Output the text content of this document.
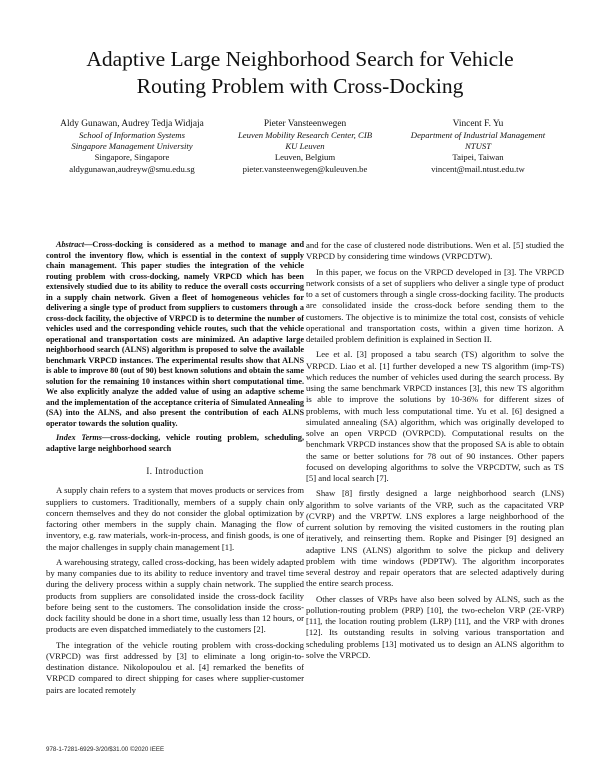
Adaptive Large Neighborhood Search for Vehicle
Routing Problem with Cross-Docking
Aldy Gunawan, Audrey Tedja Widjaja
School of Information Systems
Singapore Management University
Singapore, Singapore
aldygunawan,audreyw@smu.edu.sg
Pieter Vansteenwegen
Leuven Mobility Research Center, CIB
KU Leuven
Leuven, Belgium
pieter.vansteenwegen@kuleuven.be
Vincent F. Yu
Department of Industrial Management
NTUST
Taipei, Taiwan
vincent@mail.ntust.edu.tw

Abstract—Cross-docking is considered as a method to manage and control the inventory flow, which is essential in the context of supply chain management. This paper studies the integration of the vehicle routing problem with cross-docking, namely VRPCD which has been extensively studied due to its ability to reduce the overall costs occurring in a supply chain network. Given a fleet of homogeneous vehicles for delivering a single type of product from suppliers to customers through a cross-dock facility, the objective of VRPCD is to determine the number of vehicles used and the corresponding vehicle routes, such that the vehicle operational and transportation costs are minimized. An adaptive large neighborhood search (ALNS) algorithm is proposed to solve the available benchmark VRPCD instances. The experimental results show that ALNS is able to improve 80 (out of 90) best known solutions and obtain the same solution for the remaining 10 instances within short computational time. We also explicitly analyze the added value of using an adaptive scheme and the implementation of the acceptance criteria of Simulated Annealing (SA) into the ALNS, and also present the contribution of each ALNS operator towards the solution quality.

Index Terms—cross-docking, vehicle routing problem, scheduling, adaptive large neighborhood search

I. Introduction

A supply chain refers to a system that moves products or services from suppliers to customers. Traditionally, members of a supply chain only concern themselves and they do not consider the global optimization by factoring other members in the supply chain. Managing the flow of inventory, e.g. raw materials, work-in-process, and finish goods, is one of the major challenges in supply chain management [1].

A warehousing strategy, called cross-docking, has been widely adapted by many companies due to its ability to reduce inventory and travel time during the delivery process within a supply chain network. The supplied products from suppliers are consolidated inside the cross-dock facility before being sent to the customers. The consolidation inside the cross-dock facility should be done in a short time, usually less than 12 hours, or products are even dispatched immediately to the customers [2].

The integration of the vehicle routing problem with cross-docking (VRPCD) was first addressed by [3] to eliminate a long origin-to-destination distance. Nikolopoulou et al. [4] remarked the benefits of VRPCD compared to direct shipping for cases where supplier-customer pairs are located remotely

and for the case of clustered node distributions. Wen et al. [5] studied the VRPCD by considering time windows (VRPCDTW).

In this paper, we focus on the VRPCD developed in [3]. The VRPCD network consists of a set of suppliers who deliver a single type of product to a set of customers through a single cross-docking facility. The products are consolidated inside the cross-dock before sending them to the customers. The objective is to minimize the total cost, consists of vehicle operational and transportation costs, within a given time horizon. A detailed problem definition is explained in Section II.

Lee et al. [3] proposed a tabu search (TS) algorithm to solve the VRPCD. Liao et al. [1] further developed a new TS algorithm (imp-TS) which reduces the number of vehicles used during the search process. By using the same benchmark VRPCD instances [3], this new TS algorithm is able to improve the solutions by 10-36% for different sizes of problems, with much less computational time. Yu et al. [6] designed a simulated annealing (SA) algorithm, which was originally developed to solve an open VRPCD (OVRPCD). Computational results on the benchmark VRPCD instances show that the proposed SA is able to obtain the same or better solutions for 78 out of 90 instances. Other papers focused on developing algorithms to solve the VRPCDTW, such as TS [5] and local search [7].

Shaw [8] firstly designed a large neighborhood search (LNS) algorithm to solve variants of the VRP, such as the capacitated VRP (CVRP) and the VRPTW. LNS explores a large neighborhood of the current solution by removing the visited customers in the routing plan iteratively, and reinserting them. Ropke and Pisinger [9] designed an adaptive LNS (ALNS) algorithm to solve the pickup and delivery problem with time windows (PDPTW). The algorithm incorporates several destroy and repair operators that are selected adaptively during the entire search process.

Other classes of VRPs have also been solved by ALNS, such as the pollution-routing problem (PRP) [10], the two-echelon VRP (2E-VRP) [11], the location routing problem (LRP) [11], and the VRP with drones [12]. Its outstanding results in solving various transportation and scheduling problems [13] motivated us to design an ALNS algorithm to solve the VRPCD.

978-1-7281-6929-3/20/$31.00 ©2020 IEEE
